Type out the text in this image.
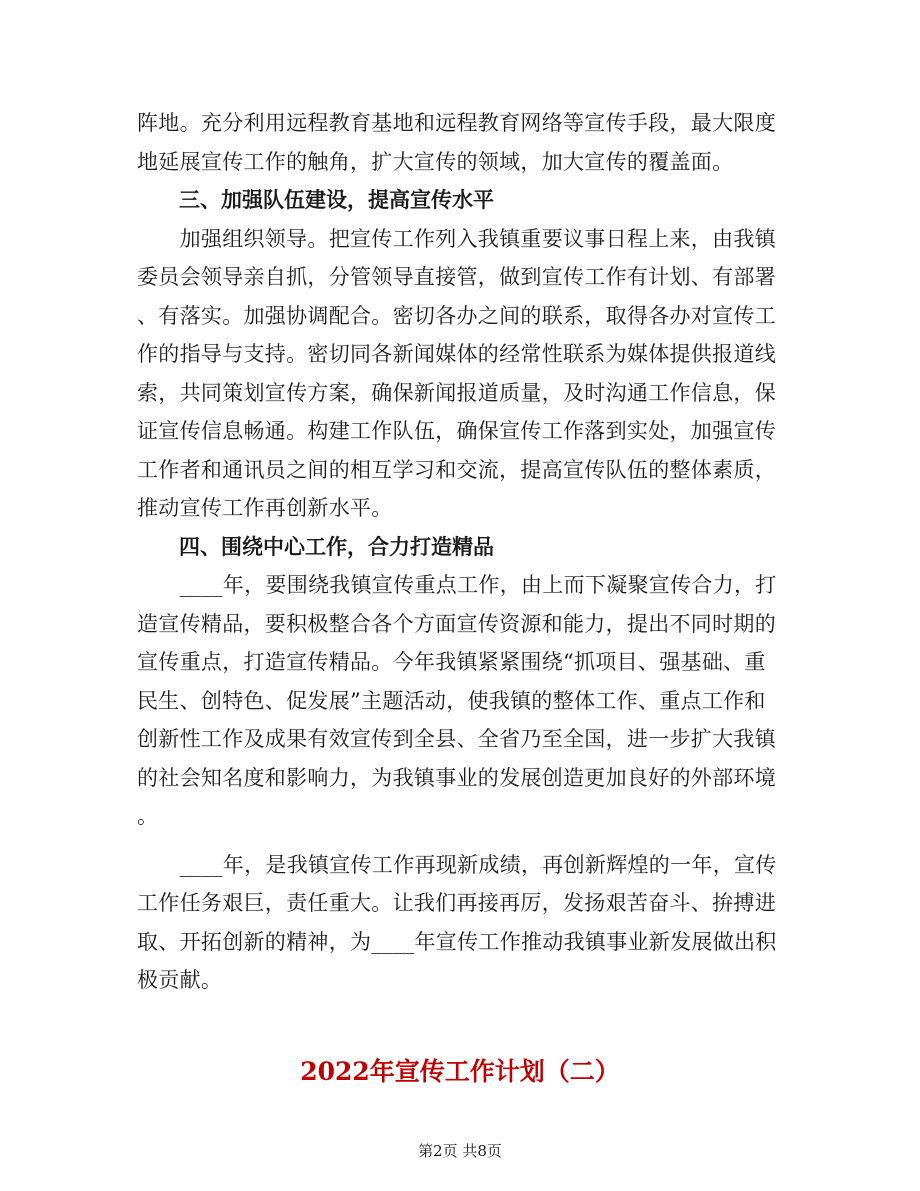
阵地。充分利用远程教育基地和远程教育网络等宣传手段，最大限度
地延展宣传工作的触角，扩大宣传的领域，加大宣传的覆盖面。
三、加强队伍建设，提高宣传水平
　　加强组织领导。把宣传工作列入我镇重要议事日程上来，由我镇
委员会领导亲自抓，分管领导直接管，做到宣传工作有计划、有部署
、有落实。加强协调配合。密切各办之间的联系，取得各办对宣传工
作的指导与支持。密切同各新闻媒体的经常性联系为媒体提供报道线
索，共同策划宣传方案，确保新闻报道质量，及时沟通工作信息，保
证宣传信息畅通。构建工作队伍，确保宣传工作落到实处，加强宣传
工作者和通讯员之间的相互学习和交流，提高宣传队伍的整体素质，
推动宣传工作再创新水平。
四、围绕中心工作，合力打造精品
　　____年，要围绕我镇宣传重点工作，由上而下凝聚宣传合力，打
造宣传精品，要积极整合各个方面宣传资源和能力，提出不同时期的
宣传重点，打造宣传精品。今年我镇紧紧围绕“抓项目、强基础、重
民生、创特色、促发展”主题活动，使我镇的整体工作、重点工作和
创新性工作及成果有效宣传到全县、全省乃至全国，进一步扩大我镇
的社会知名度和影响力，为我镇事业的发展创造更加良好的外部环境
。
　　____年，是我镇宣传工作再现新成绩，再创新辉煌的一年，宣传
工作任务艰巨，责任重大。让我们再接再厉，发扬艰苦奋斗、拚搏进
取、开拓创新的精神，为____年宣传工作推动我镇事业新发展做出积
极贡献。
2022年宣传工作计划（二）
第2页 共8页
